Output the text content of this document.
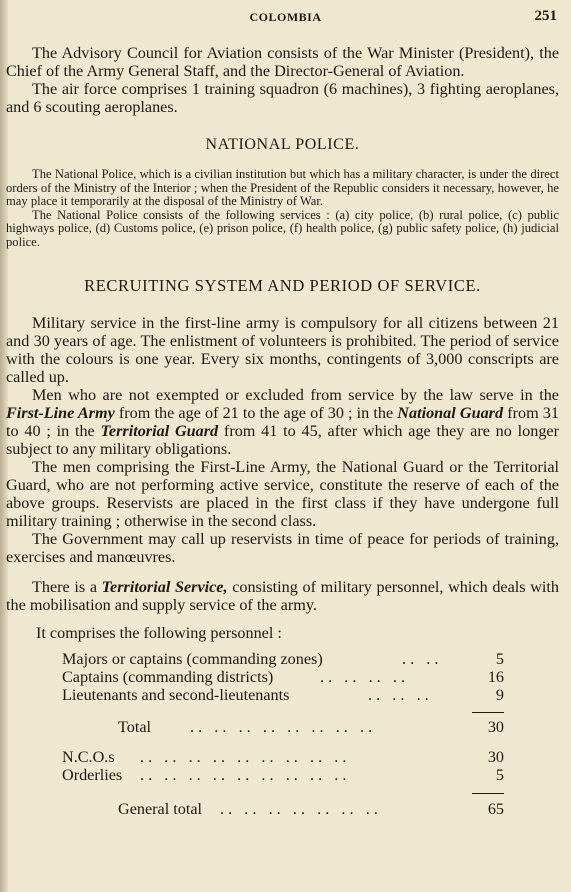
COLOMBIA	251

The Advisory Council for Aviation consists of the War Minister (President), the Chief of the Army General Staff, and the Director-General of Aviation.

The air force comprises 1 training squadron (6 machines), 3 fighting aeroplanes, and 6 scouting aeroplanes.

NATIONAL POLICE.

The National Police, which is a civilian institution but which has a military character, is under the direct orders of the Ministry of the Interior ; when the President of the Republic considers it necessary, however, he may place it temporarily at the disposal of the Ministry of War.

The National Police consists of the following services : (a) city police, (b) rural police, (c) public highways police, (d) Customs police, (e) prison police, (f) health police, (g) public safety police, (h) judicial police.

RECRUITING SYSTEM AND PERIOD OF SERVICE.

Military service in the first-line army is compulsory for all citizens between 21 and 30 years of age. The enlistment of volunteers is prohibited. The period of service with the colours is one year. Every six months, contingents of 3,000 conscripts are called up.

Men who are not exempted or excluded from service by the law serve in the First-Line Army from the age of 21 to the age of 30 ; in the National Guard from 31 to 40 ; in the Territorial Guard from 41 to 45, after which age they are no longer subject to any military obligations.

The men comprising the First-Line Army, the National Guard or the Territorial Guard, who are not performing active service, constitute the reserve of each of the above groups. Reservists are placed in the first class if they have undergone full military training ; otherwise in the second class.

The Government may call up reservists in time of peace for periods of training, exercises and manœuvres.

There is a Territorial Service, consisting of military personnel, which deals with the mobilisation and supply service of the army.

It comprises the following personnel :

Majors or captains (commanding zones)	. .   . .	5
Captains (commanding districts)	. .   . .   . .   . .	16
Lieutenants and second-lieutenants	. .   . .   . .	9
Total . .   . .   . .   . .   . .   . .   . .   . .	30
N.C.O.s . .   . .   . .   . .   . .   . .   . .   . .   . .	30
Orderlies . .   . .   . .   . .   . .   . .   . .   . .   . .	5
General total . .   . .   . .   . .   . .   . .   . .	65
